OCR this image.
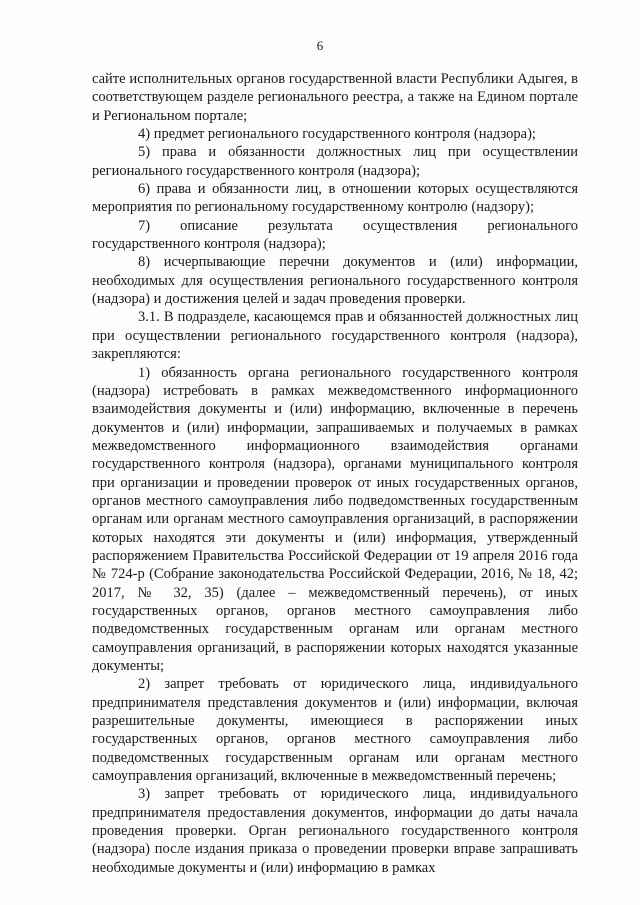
6

сайте исполнительных органов государственной власти Республики Адыгея, в соответствующем разделе регионального реестра, а также на Едином портале и Региональном портале;

4) предмет регионального государственного контроля (надзора);

5) права и обязанности должностных лиц при осуществлении регионального государственного контроля (надзора);

6) права и обязанности лиц, в отношении которых осуществляются мероприятия по региональному государственному контролю (надзору);

7) описание результата осуществления регионального государственного контроля (надзора);

8) исчерпывающие перечни документов и (или) информации, необходимых для осуществления регионального государственного контроля (надзора) и достижения целей и задач проведения проверки.

3.1. В подразделе, касающемся прав и обязанностей должностных лиц при осуществлении регионального государственного контроля (надзора), закрепляются:

1) обязанность органа регионального государственного контроля (надзора) истребовать в рамках межведомственного информационного взаимодействия документы и (или) информацию, включенные в перечень документов и (или) информации, запрашиваемых и получаемых в рамках межведомственного информационного взаимодействия органами государственного контроля (надзора), органами муниципального контроля при организации и проведении проверок от иных государственных органов, органов местного самоуправления либо подведомственных государственным органам или органам местного самоуправления организаций, в распоряжении которых находятся эти документы и (или) информация, утвержденный распоряжением Правительства Российской Федерации от 19 апреля 2016 года № 724-р (Собрание законодательства Российской Федерации, 2016, № 18, 42; 2017, № 32, 35) (далее – межведомственный перечень), от иных государственных органов, органов местного самоуправления либо подведомственных государственным органам или органам местного самоуправления организаций, в распоряжении которых находятся указанные документы;

2) запрет требовать от юридического лица, индивидуального предпринимателя представления документов и (или) информации, включая разрешительные документы, имеющиеся в распоряжении иных государственных органов, органов местного самоуправления либо подведомственных государственным органам или органам местного самоуправления организаций, включенные в межведомственный перечень;

3) запрет требовать от юридического лица, индивидуального предпринимателя предоставления документов, информации до даты начала проведения проверки. Орган регионального государственного контроля (надзора) после издания приказа о проведении проверки вправе запрашивать необходимые документы и (или) информацию в рамках
